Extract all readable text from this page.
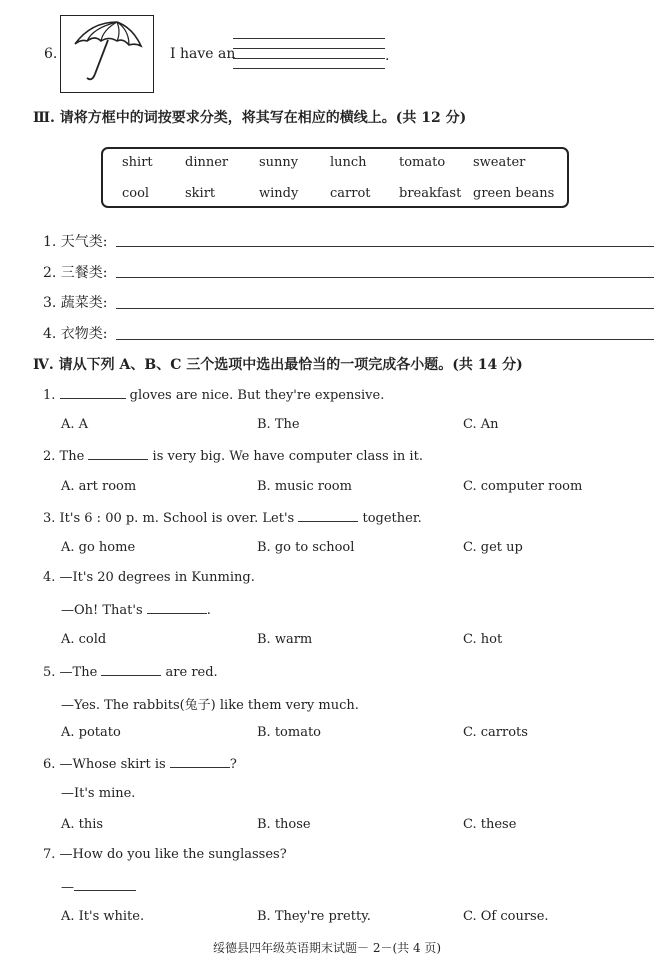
6.	I have an	.
Ⅲ. 请将方框中的词按要求分类，将其写在相应的横线上。(共 12 分)
shirt dinner sunny lunch tomato sweater
cool	skirt	windy carrot breakfast green beans
1. 天气类:
2. 三餐类:
3. 蔬菜类:
4. 衣物类:
Ⅳ. 请从下列 A、B、C 三个选项中选出最恰当的一项完成各小题。(共 14 分)
1.	gloves are nice. But they're expensive.
A. A	B. The	C. An
2. The	is very big. We have computer class in it.
A. art room	B. music room	C. computer room
3. It's 6 : 00 p. m. School is over. Let's	together.
A. go home	B. go to school	C. get up
4. —It's 20 degrees in Kunming.
—Oh! That's	.
A. cold	B. warm	C. hot
5. —The	are red.
—Yes. The rabbits(兔子) like them very much.
A. potato	B. tomato	C. carrots
6. —Whose skirt is	?
—It's mine.
A. this	B. those	C. these
7. —How do you like the sunglasses?
—
A. It's white.	B. They're pretty.	C. Of course.
绥德县四年级英语期末试题－ 2－(共 4 页)
